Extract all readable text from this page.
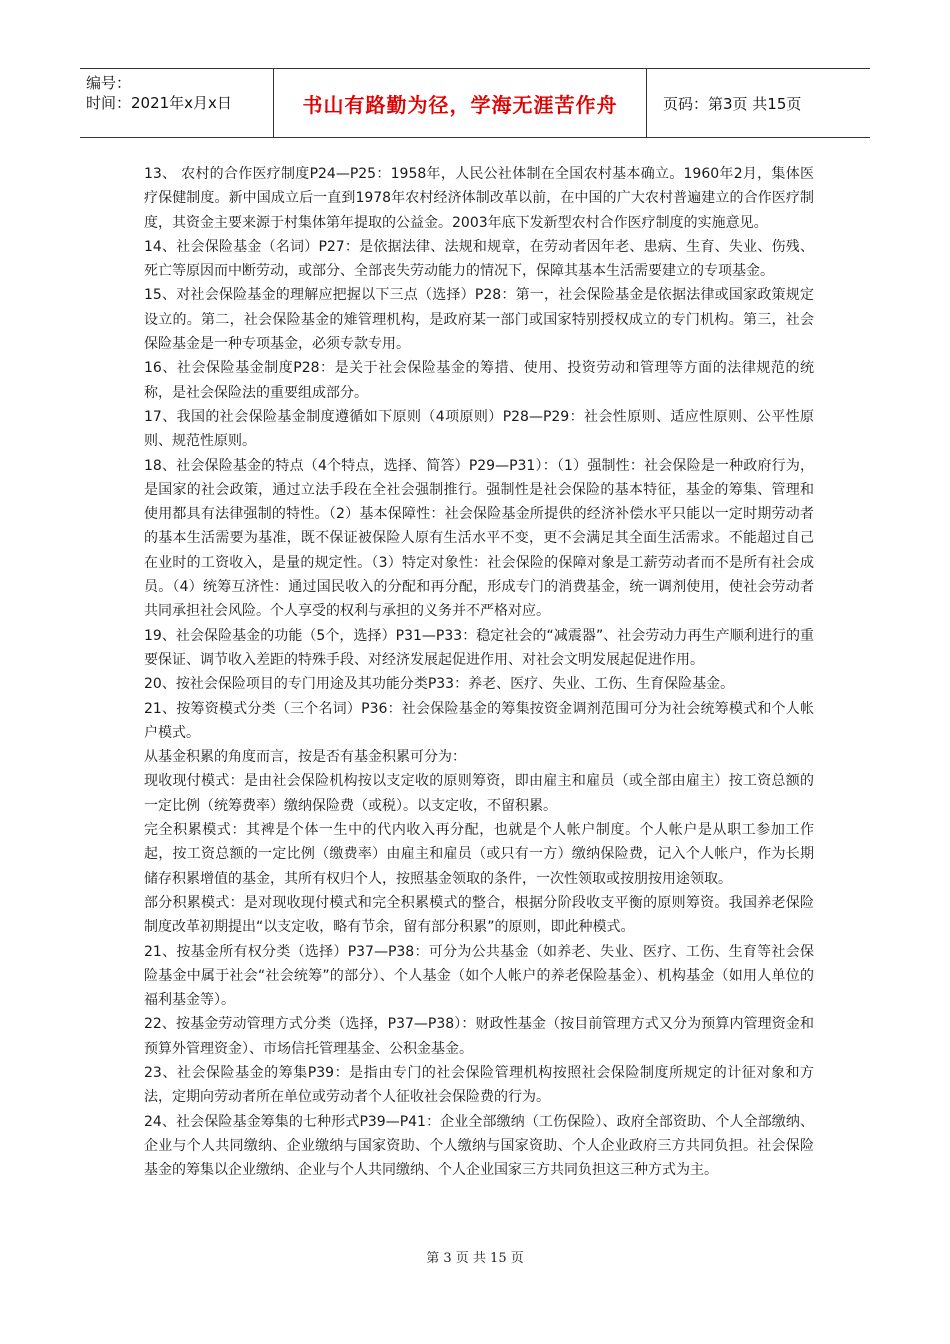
编号：
时间：2021年x月x日	书山有路勤为径，学海无涯苦作舟	页码：第3页 共15页

13、 农村的合作医疗制度P24—P25：1958年，人民公社体制在全国农村基本确立。1960年2月，集体医疗保健制度。新中国成立后一直到1978年农村经济体制改革以前，在中国的广大农村普遍建立的合作医疗制度，其资金主要来源于村集体第年提取的公益金。2003年底下发新型农村合作医疗制度的实施意见。

14、社会保险基金（名词）P27：是依据法律、法规和规章，在劳动者因年老、患病、生育、失业、伤残、死亡等原因而中断劳动，或部分、全部丧失劳动能力的情况下，保障其基本生活需要建立的专项基金。

15、对社会保险基金的理解应把握以下三点（选择）P28：第一，社会保险基金是依据法律或国家政策规定设立的。第二，社会保险基金的雉管理机构，是政府某一部门或国家特别授权成立的专门机构。第三，社会保险基金是一种专项基金，必须专款专用。

16、社会保险基金制度P28：是关于社会保险基金的筹措、使用、投资劳动和管理等方面的法律规范的统称，是社会保险法的重要组成部分。

17、我国的社会保险基金制度遵循如下原则（4项原则）P28—P29：社会性原则、适应性原则、公平性原则、规范性原则。

18、社会保险基金的特点（4个特点，选择、简答）P29—P31）：（1）强制性：社会保险是一种政府行为，是国家的社会政策，通过立法手段在全社会强制推行。强制性是社会保险的基本特征，基金的筹集、管理和使用都具有法律强制的特性。（2）基本保障性：社会保险基金所提供的经济补偿水平只能以一定时期劳动者的基本生活需要为基准，既不保证被保险人原有生活水平不变，更不会满足其全面生活需求。不能超过自己在业时的工资收入，是量的规定性。（3）特定对象性：社会保险的保障对象是工薪劳动者而不是所有社会成员。（4）统筹互济性：通过国民收入的分配和再分配，形成专门的消费基金，统一调剂使用，使社会劳动者共同承担社会风险。个人享受的权利与承担的义务并不严格对应。

19、社会保险基金的功能（5个，选择）P31—P33：稳定社会的“减震器”、社会劳动力再生产顺利进行的重要保证、调节收入差距的特殊手段、对经济发展起促进作用、对社会文明发展起促进作用。

20、按社会保险项目的专门用途及其功能分类P33：养老、医疗、失业、工伤、生育保险基金。

21、按筹资模式分类（三个名词）P36：社会保险基金的筹集按资金调剂范围可分为社会统筹模式和个人帐户模式。

从基金积累的角度而言，按是否有基金积累可分为：

现收现付模式：是由社会保险机构按以支定收的原则筹资，即由雇主和雇员（或全部由雇主）按工资总额的一定比例（统筹费率）缴纳保险费（或税）。以支定收，不留积累。

完全积累模式：其裨是个体一生中的代内收入再分配，也就是个人帐户制度。个人帐户是从职工参加工作起，按工资总额的一定比例（缴费率）由雇主和雇员（或只有一方）缴纳保险费，记入个人帐户，作为长期储存积累增值的基金，其所有权归个人，按照基金领取的条件，一次性领取或按朋按用途领取。

部分积累模式：是对现收现付模式和完全积累模式的整合，根据分阶段收支平衡的原则筹资。我国养老保险制度改革初期提出“以支定收，略有节余，留有部分积累”的原则，即此种模式。

21、按基金所有权分类（选择）P37—P38：可分为公共基金（如养老、失业、医疗、工伤、生育等社会保险基金中属于社会“社会统筹”的部分）、个人基金（如个人帐户的养老保险基金）、机构基金（如用人单位的福利基金等）。

22、按基金劳动管理方式分类（选择，P37—P38）：财政性基金（按目前管理方式又分为预算内管理资金和预算外管理资金）、市场信托管理基金、公积金基金。

23、社会保险基金的筹集P39：是指由专门的社会保险管理机构按照社会保险制度所规定的计征对象和方法，定期向劳动者所在单位或劳动者个人征收社会保险费的行为。

24、社会保险基金筹集的七种形式P39—P41：企业全部缴纳（工伤保险）、政府全部资助、个人全部缴纳、企业与个人共同缴纳、企业缴纳与国家资助、个人缴纳与国家资助、个人企业政府三方共同负担。社会保险基金的筹集以企业缴纳、企业与个人共同缴纳、个人企业国家三方共同负担这三种方式为主。

第 3 页 共 15 页
